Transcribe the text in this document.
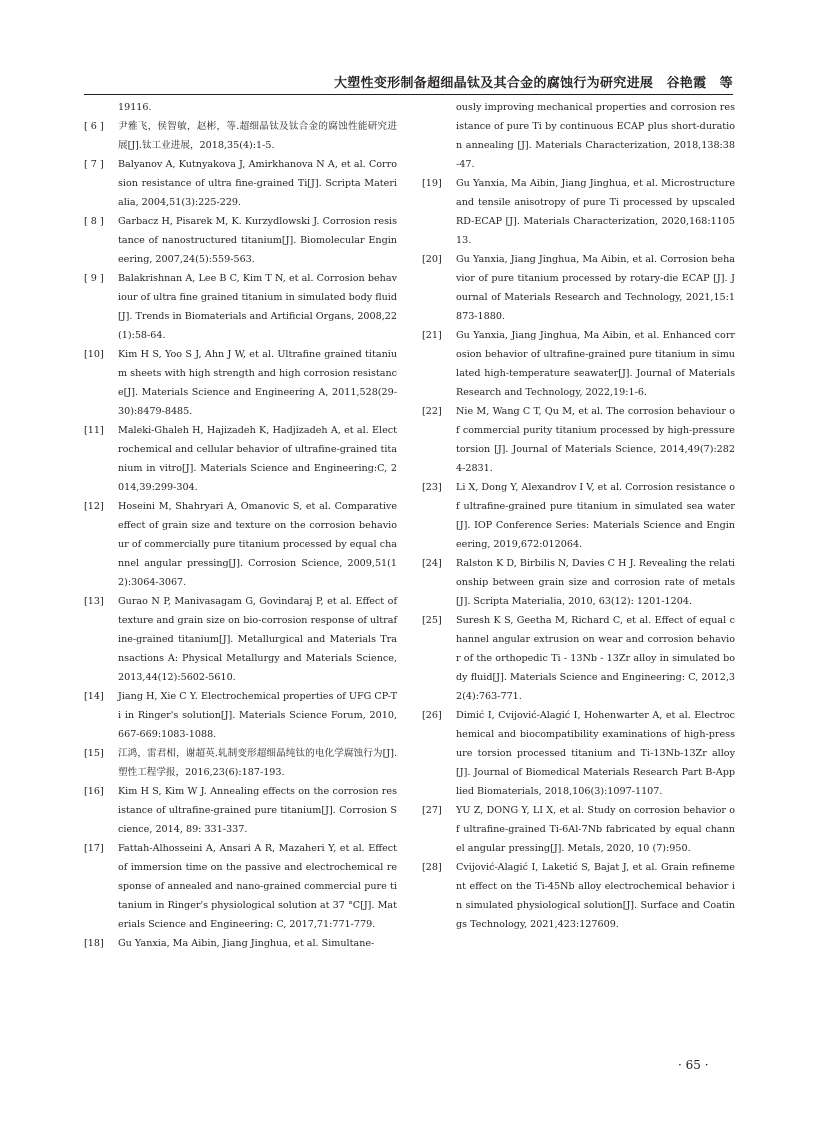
大塑性变形制备超细晶钛及其合金的腐蚀行为研究进展　谷艳霞　等
19116.
[ 6 ] 尹雅飞，侯智敏，赵彬，等.超细晶钛及钛合金的腐蚀性能研究进展[J].钛工业进展，2018,35(4):1-5.
[ 7 ] Balyanov A, Kutnyakova J, Amirkhanova N A, et al. Corrosion resistance of ultra fine-grained Ti[J]. Scripta Materialia, 2004,51(3):225-229.
[ 8 ] Garbacz H, Pisarek M, K. Kurzydlowski J. Corrosion resistance of nanostructured titanium[J]. Biomolecular Engineering, 2007,24(5):559-563.
[ 9 ] Balakrishnan A, Lee B C, Kim T N, et al. Corrosion behaviour of ultra fine grained titanium in simulated body fluid[J]. Trends in Biomaterials and Artificial Organs, 2008,22(1):58-64.
[10] Kim H S, Yoo S J, Ahn J W, et al. Ultrafine grained titanium sheets with high strength and high corrosion resistance[J]. Materials Science and Engineering A, 2011,528(29-30):8479-8485.
[11] Maleki-Ghaleh H, Hajizadeh K, Hadjizadeh A, et al. Electrochemical and cellular behavior of ultrafine-grained titanium in vitro[J]. Materials Science and Engineering:C, 2014,39:299-304.
[12] Hoseini M, Shahryari A, Omanovic S, et al. Comparative effect of grain size and texture on the corrosion behaviour of commercially pure titanium processed by equal channel angular pressing[J]. Corrosion Science, 2009,51(12):3064-3067.
[13] Gurao N P, Manivasagam G, Govindaraj P, et al. Effect of texture and grain size on bio-corrosion response of ultrafine-grained titanium[J]. Metallurgical and Materials Transactions A: Physical Metallurgy and Materials Science, 2013,44(12):5602-5610.
[14] Jiang H, Xie C Y. Electrochemical properties of UFG CP-Ti in Ringer's solution[J]. Materials Science Forum, 2010,667-669:1083-1088.
[15] 江鸿，雷君相，谢超英.轧制变形超细晶纯钛的电化学腐蚀行为[J].塑性工程学报，2016,23(6):187-193.
[16] Kim H S, Kim W J. Annealing effects on the corrosion resistance of ultrafine-grained pure titanium[J]. Corrosion Science, 2014, 89: 331-337.
[17] Fattah-Alhosseini A, Ansari A R, Mazaheri Y, et al. Effect of immersion time on the passive and electrochemical response of annealed and nano-grained commercial pure titanium in Ringer's physiological solution at 37 °C[J]. Materials Science and Engineering: C, 2017,71:771-779.
[18] Gu Yanxia, Ma Aibin, Jiang Jinghua, et al. Simultane-
ously improving mechanical properties and corrosion resistance of pure Ti by continuous ECAP plus short-duration annealing [J]. Materials Characterization, 2018,138:38-47.
[19] Gu Yanxia, Ma Aibin, Jiang Jinghua, et al. Microstructure and tensile anisotropy of pure Ti processed by upscaled RD-ECAP [J]. Materials Characterization, 2020,168:110513.
[20] Gu Yanxia, Jiang Jinghua, Ma Aibin, et al. Corrosion behavior of pure titanium processed by rotary-die ECAP [J]. Journal of Materials Research and Technology, 2021,15:1873-1880.
[21] Gu Yanxia, Jiang Jinghua, Ma Aibin, et al. Enhanced corrosion behavior of ultrafine-grained pure titanium in simulated high-temperature seawater[J]. Journal of Materials Research and Technology, 2022,19:1-6.
[22] Nie M, Wang C T, Qu M, et al. The corrosion behaviour of commercial purity titanium processed by high-pressure torsion [J]. Journal of Materials Science, 2014,49(7):2824-2831.
[23] Li X, Dong Y, Alexandrov I V, et al. Corrosion resistance of ultrafine-grained pure titanium in simulated sea water[J]. IOP Conference Series: Materials Science and Engineering, 2019,672:012064.
[24] Ralston K D, Birbilis N, Davies C H J. Revealing the relationship between grain size and corrosion rate of metals[J]. Scripta Materialia, 2010, 63(12): 1201-1204.
[25] Suresh K S, Geetha M, Richard C, et al. Effect of equal channel angular extrusion on wear and corrosion behavior of the orthopedic Ti - 13Nb - 13Zr alloy in simulated body fluid[J]. Materials Science and Engineering: C, 2012,32(4):763-771.
[26] Dimić I, Cvijović-Alagić I, Hohenwarter A, et al. Electrochemical and biocompatibility examinations of high-pressure torsion processed titanium and Ti-13Nb-13Zr alloy[J]. Journal of Biomedical Materials Research Part B-Applied Biomaterials, 2018,106(3):1097-1107.
[27] YU Z, DONG Y, LI X, et al. Study on corrosion behavior of ultrafine-grained Ti-6Al-7Nb fabricated by equal channel angular pressing[J]. Metals, 2020, 10 (7):950.
[28] Cvijović-Alagić I, Laketić S, Bajat J, et al. Grain refinement effect on the Ti-45Nb alloy electrochemical behavior in simulated physiological solution[J]. Surface and Coatings Technology, 2021,423:127609.
· 65 ·
